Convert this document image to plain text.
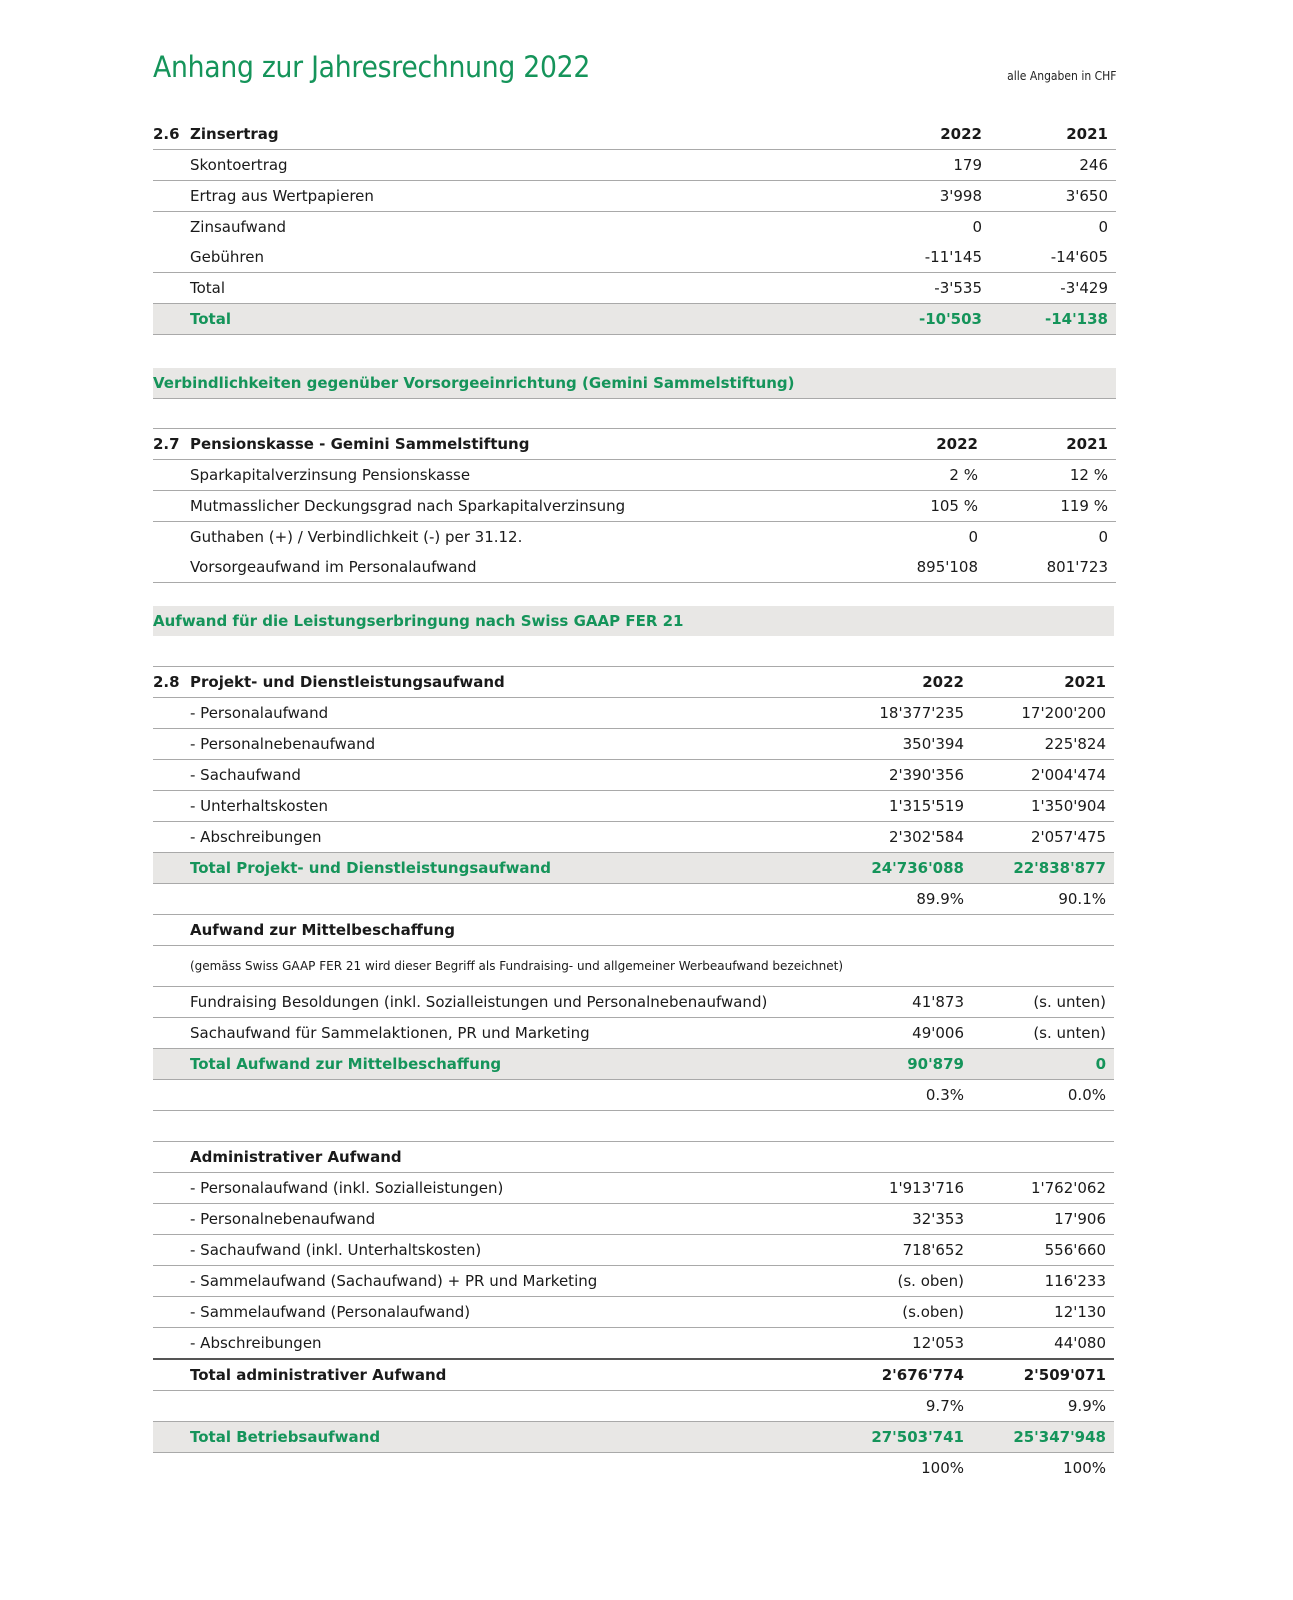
Anhang zur Jahresrechnung 2022	alle Angaben in CHF
2.6	Zinsertrag	2022	2021
Skontoertrag		179	246
Ertrag aus Wertpapieren		3'998	3'650
Zinsaufwand		0	0
Gebühren		-11'145	-14'605
Total		-3'535	-3'429
Total		-10'503	-14'138
Verbindlichkeiten gegenüber Vorsorgeeinrichtung (Gemini Sammelstiftung)
2.7	Pensionskasse - Gemini Sammelstiftung	2022	2021
Sparkapitalverzinsung Pensionskasse		2 %	12 %
Mutmasslicher Deckungsgrad nach Sparkapitalverzinsung		105 %	119 %
Guthaben (+) / Verbindlichkeit (-) per 31.12.		0	0
Vorsorgeaufwand im Personalaufwand		895'108	801'723
Aufwand für die Leistungserbringung nach Swiss GAAP FER 21
2.8	Projekt- und Dienstleistungsaufwand	2022	2021
- Personalaufwand		18'377'235	17'200'200
- Personalnebenaufwand		350'394	225'824
- Sachaufwand		2'390'356	2'004'474
- Unterhaltskosten		1'315'519	1'350'904
- Abschreibungen		2'302'584	2'057'475
Total Projekt- und Dienstleistungsaufwand		24'736'088	22'838'877
		89.9%	90.1%
Aufwand zur Mittelbeschaffung			
(gemäss Swiss GAAP FER 21 wird dieser Begriff als Fundraising- und allgemeiner Werbeaufwand bezeichnet)			
Fundraising Besoldungen (inkl. Sozialleistungen und Personalnebenaufwand)		41'873	(s. unten)
Sachaufwand für Sammelaktionen, PR und Marketing		49'006	(s. unten)
Total Aufwand zur Mittelbeschaffung		90'879	0
		0.3%	0.0%

Administrativer Aufwand			
- Personalaufwand (inkl. Sozialleistungen)		1'913'716	1'762'062
- Personalnebenaufwand		32'353	17'906
- Sachaufwand (inkl. Unterhaltskosten)		718'652	556'660
- Sammelaufwand (Sachaufwand) + PR und Marketing		(s. oben)	116'233
- Sammelaufwand (Personalaufwand)		(s.oben)	12'130
- Abschreibungen		12'053	44'080
Total administrativer Aufwand		2'676'774	2'509'071
		9.7%	9.9%
Total Betriebsaufwand		27'503'741	25'347'948
		100%	100%
